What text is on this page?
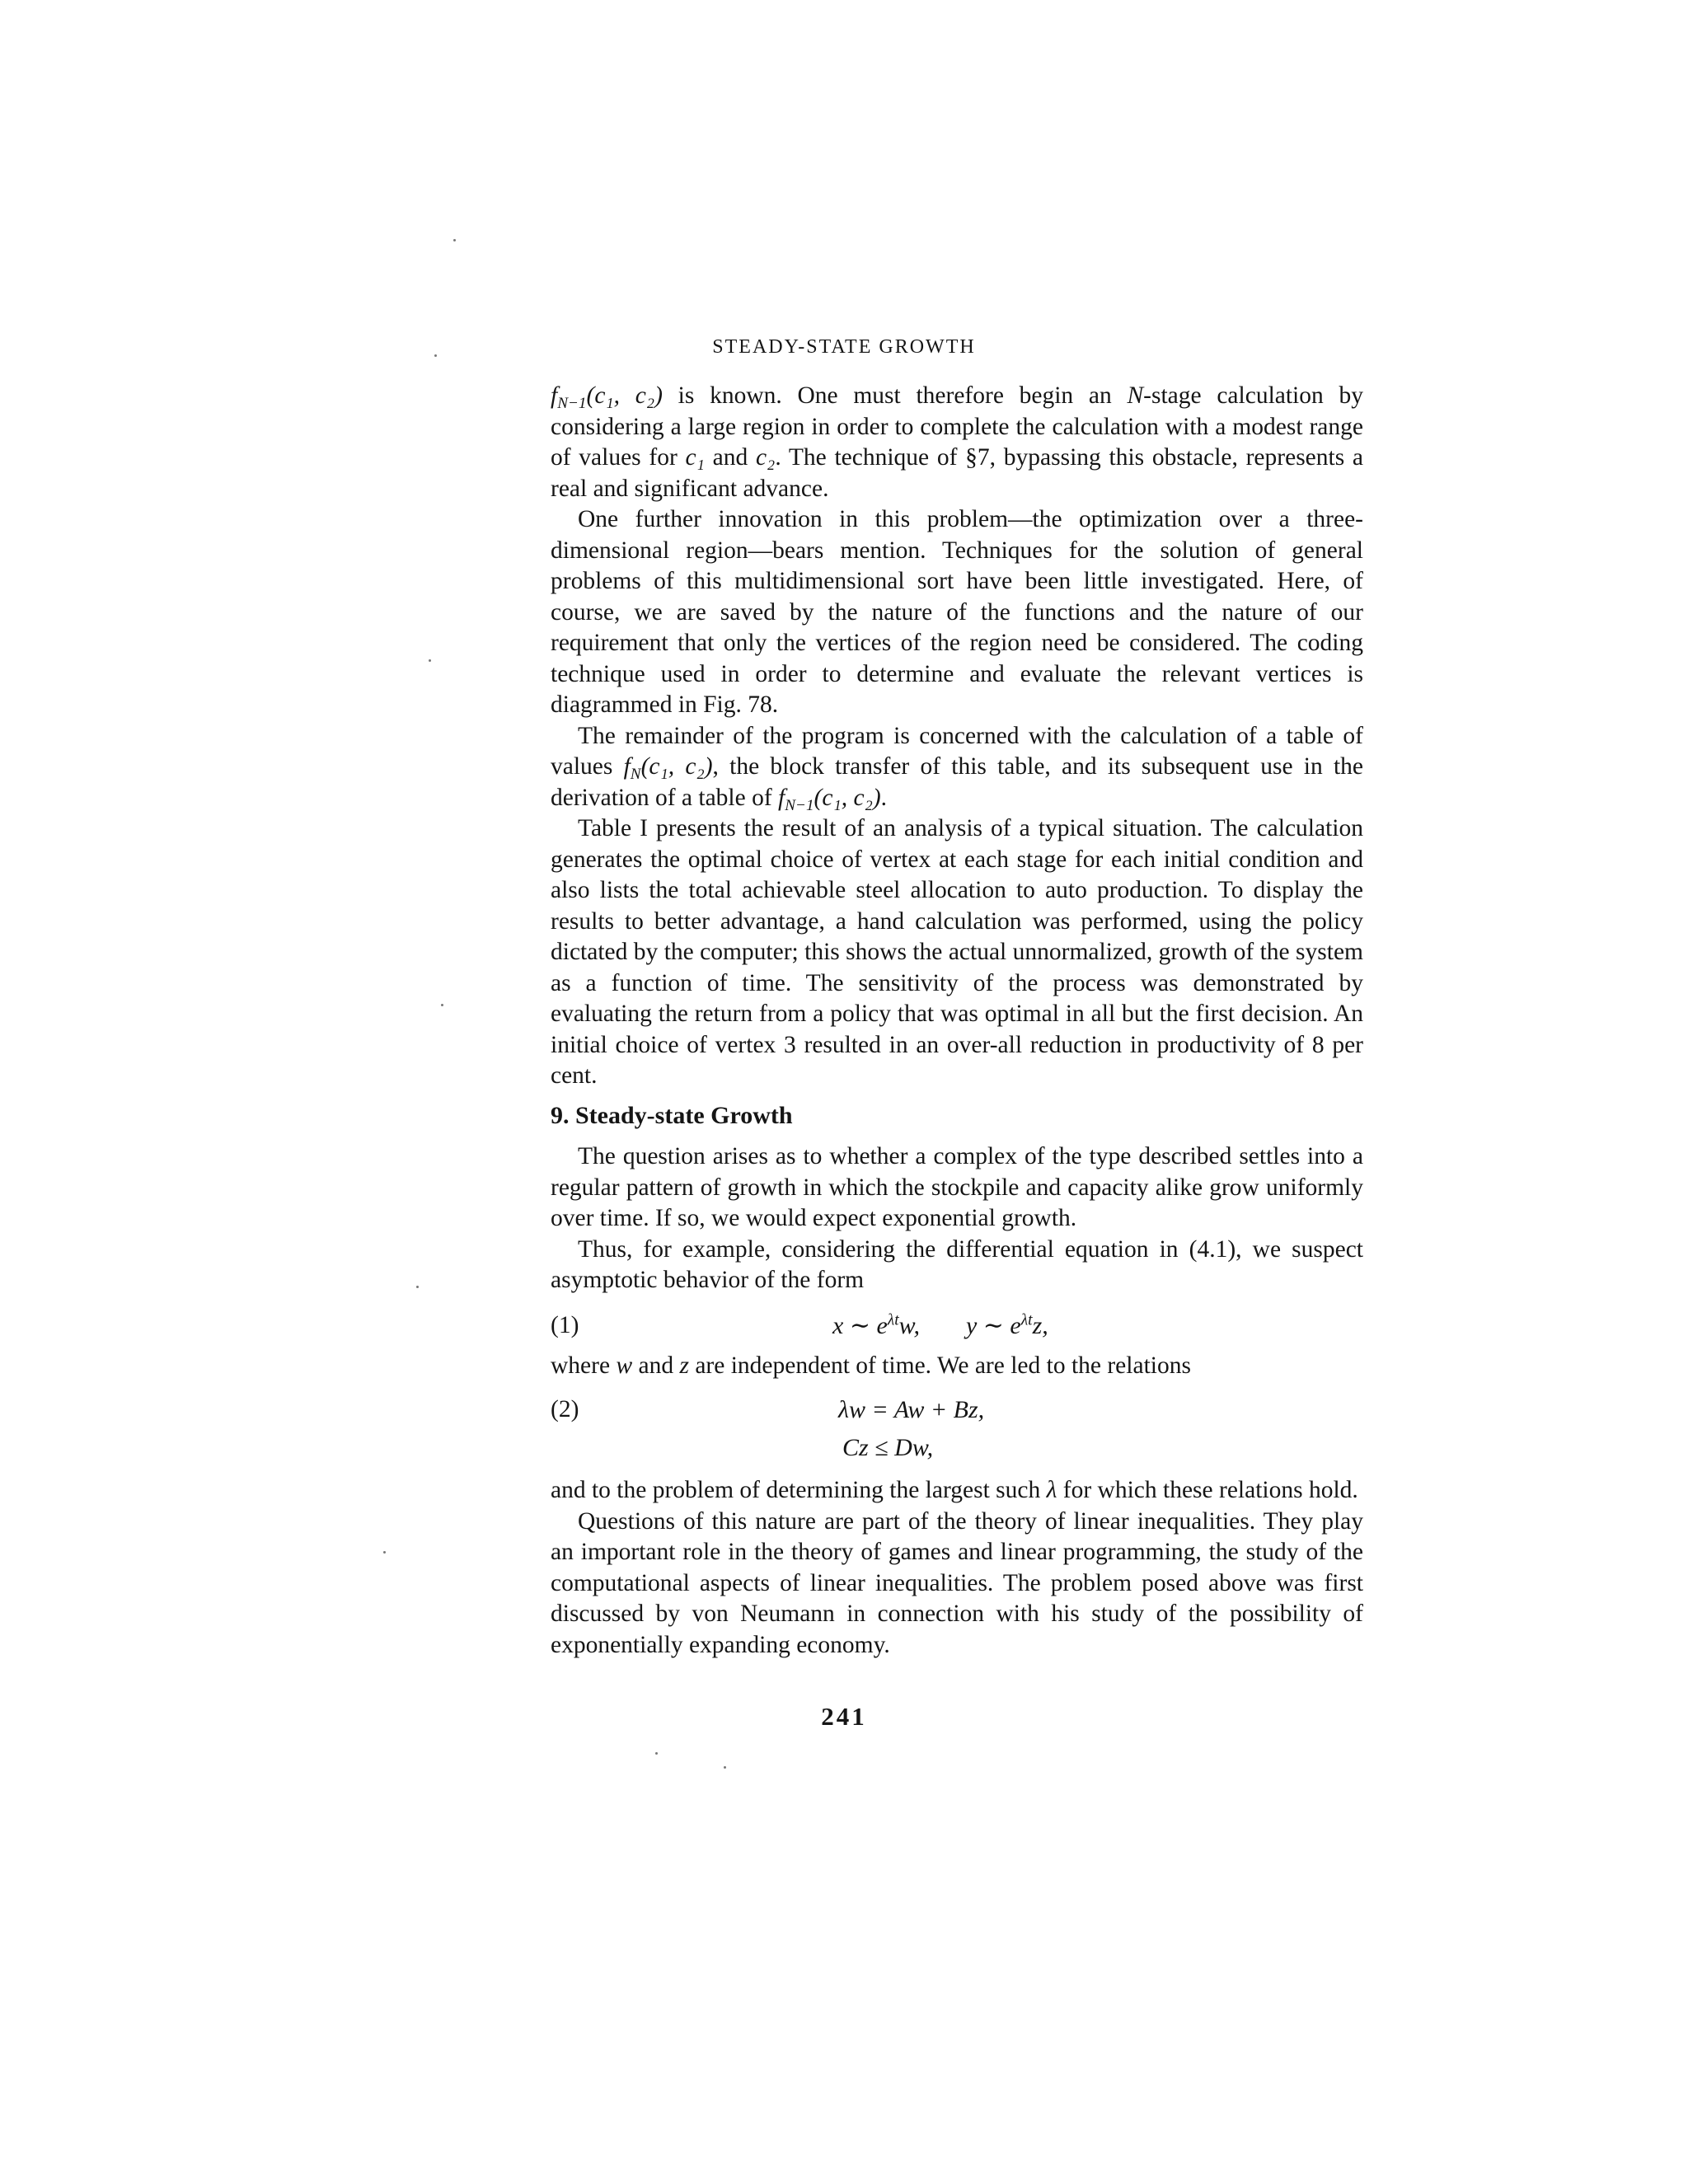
STEADY-STATE GROWTH

$f_{N-1}(c_1$, c₂) is known. One must therefore begin an N-stage calculation by considering a large region in order to complete the calculation with a modest range of values for c₁ and c₂. The technique of §7, bypassing this obstacle, represents a real and significant advance.

One further innovation in this problem—the optimization over a three-dimensional region—bears mention. Techniques for the solution of general problems of this multidimensional sort have been little investigated. Here, of course, we are saved by the nature of the functions and the nature of our requirement that only the vertices of the region need be considered. The coding technique used in order to determine and evaluate the relevant vertices is diagrammed in Fig. 78.

The remainder of the program is concerned with the calculation of a table of values $f_N(c_1$, c₂), the block transfer of this table, and its subsequent use in the derivation of a table of $f_{N-1}(c_1$, c₂).

Table I presents the result of an analysis of a typical situation. The calculation generates the optimal choice of vertex at each stage for each initial condition and also lists the total achievable steel allocation to auto production. To display the results to better advantage, a hand calculation was performed, using the policy dictated by the computer; this shows the actual unnormalized, growth of the system as a function of time. The sensitivity of the process was demonstrated by evaluating the return from a policy that was optimal in all but the first decision. An initial choice of vertex 3 resulted in an over-all reduction in productivity of 8 per cent.

9. Steady-state Growth

The question arises as to whether a complex of the type described settles into a regular pattern of growth in which the stockpile and capacity alike grow uniformly over time. If so, we would expect exponential growth.

Thus, for example, considering the differential equation in (4.1), we suspect asymptotic behavior of the form

(1)	x ∼ $e^{\lambda t}w$, y ∼ $e^{\lambda t}z$,

where w and z are independent of time. We are led to the relations

(2)	λw = Aw + Bz,
Cz ≤ Dw,

and to the problem of determining the largest such λ for which these relations hold.

Questions of this nature are part of the theory of linear inequalities. They play an important role in the theory of games and linear programming, the study of the computational aspects of linear inequalities. The problem posed above was first discussed by von Neumann in connection with his study of the possibility of exponentially expanding economy.

241
